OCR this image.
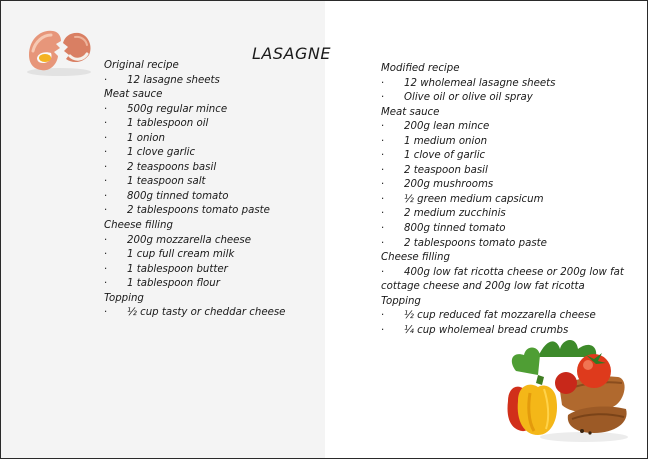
LASAGNE
Original recipe
· 12 lasagne sheets
Meat sauce
· 500g regular mince
· 1 tablespoon oil
· 1 onion
· 1 clove garlic
· 2 teaspoons basil
· 1 teaspoon salt
· 800g tinned tomato
· 2 tablespoons tomato paste
Cheese filling
· 200g mozzarella cheese
· 1 cup full cream milk
· 1 tablespoon butter
· 1 tablespoon flour
Topping
· ½ cup tasty or cheddar cheese
Modified recipe
· 12 wholemeal lasagne sheets
· Olive oil or olive oil spray
Meat sauce
· 200g lean mince
· 1 medium onion
· 1 clove of garlic
· 2 teaspoon basil
· 200g mushrooms
· ½ green medium capsicum
· 2 medium zucchinis
· 800g tinned tomato
· 2 tablespoons tomato paste
Cheese filling
· 400g low fat ricotta cheese or 200g low fat
cottage cheese and 200g low fat ricotta
Topping
· ½ cup reduced fat mozzarella cheese
· ¼ cup wholemeal bread crumbs
